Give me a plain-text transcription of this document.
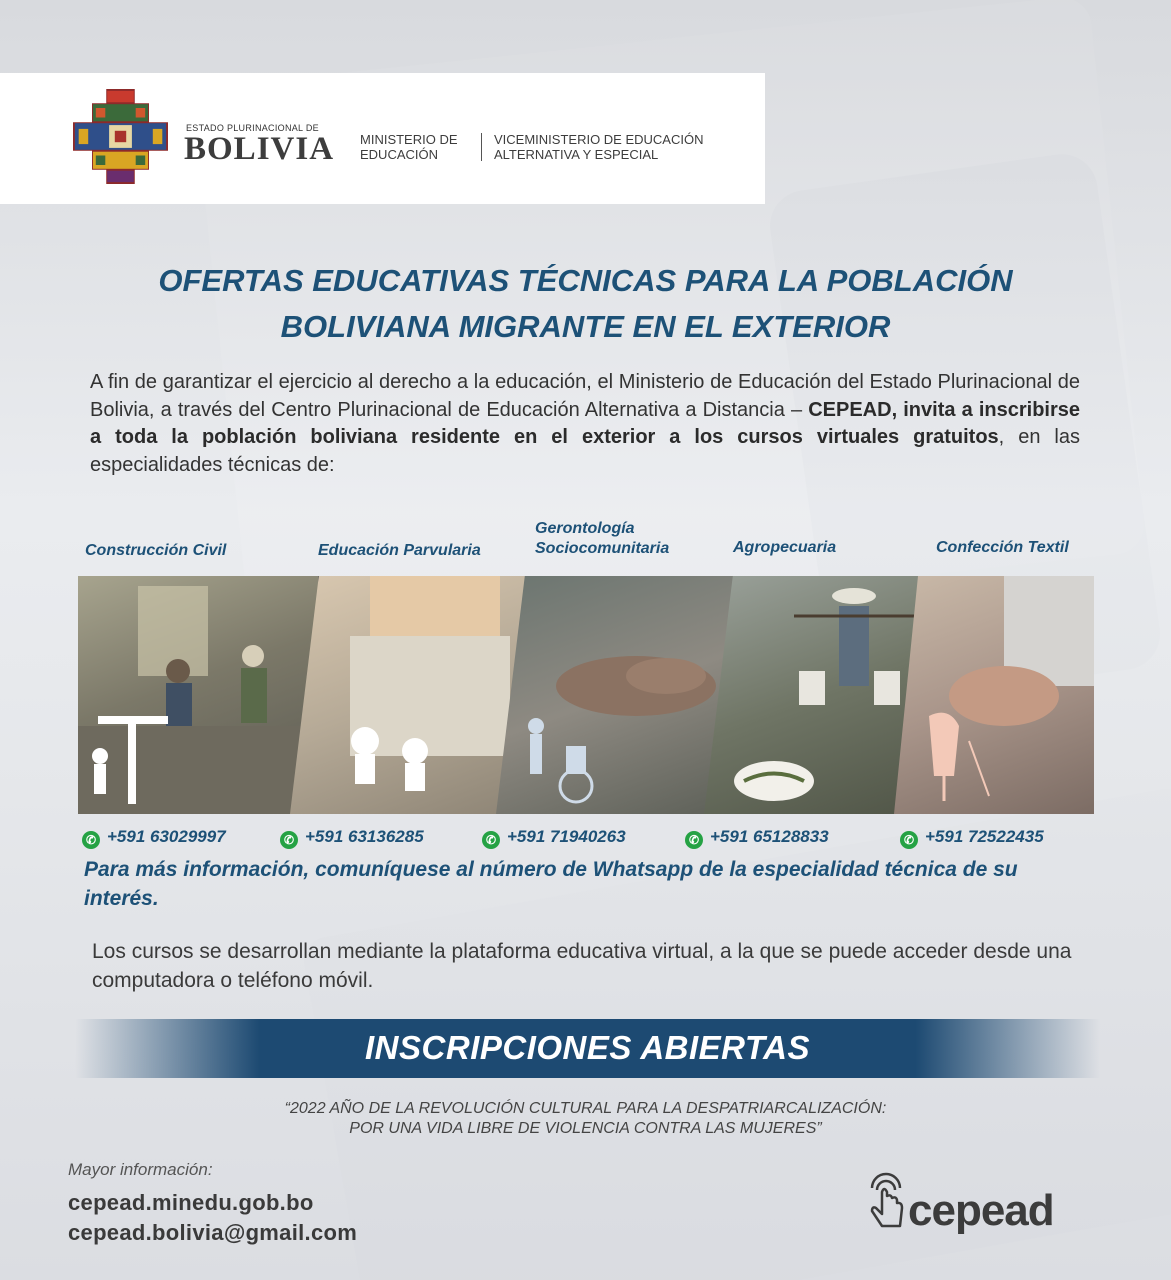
ESTADO PLURINACIONAL DE
BOLIVIA MINISTERIO DE EDUCACIÓN
VICEMINISTERIO DE EDUCACIÓN ALTERNATIVA Y ESPECIAL
OFERTAS EDUCATIVAS TÉCNICAS PARA LA POBLACIÓN
BOLIVIANA MIGRANTE EN EL EXTERIOR
A fin de garantizar el ejercicio al derecho a la educación, el Ministerio de Educación del Estado Plurinacional de Bolivia, a través del Centro Plurinacional de Educación Alternativa a Distancia – CEPEAD, invita a inscribirse a toda la población boliviana residente en el exterior a los cursos virtuales gratuitos, en las especialidades técnicas de:
Construcción Civil	Educación Parvularia
Gerontología
Sociocomunitaria	Agropecuaria	Confección Textil
✆ +591 63029997	✆ +591 63136285	✆ +591 71940263	✆ +591 65128833	✆ +591 72522435
Para más información, comuníquese al número de Whatsapp de la especialidad técnica de su interés.
Los cursos se desarrollan mediante la plataforma educativa virtual, a la que se puede acceder desde una computadora o teléfono móvil.
INSCRIPCIONES ABIERTAS
“2022 AÑO DE LA REVOLUCIÓN CULTURAL PARA LA DESPATRIARCALIZACIÓN:
POR UNA VIDA LIBRE DE VIOLENCIA CONTRA LAS MUJERES”
Mayor información:
cepead.minedu.gob.bo
cepead.bolivia@gmail.com	cepead
